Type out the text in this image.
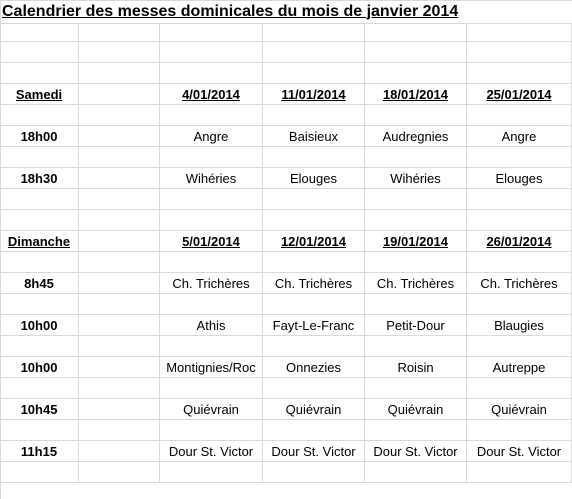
Calendrier des messes dominicales du mois de janvier 2014
Samedi	4/01/2014	11/01/2014	18/01/2014	25/01/2014
18h00	Angre	Baisieux	Audregnies	Angre
18h30	Wihéries	Elouges	Wihéries	Elouges
Dimanche	5/01/2014	12/01/2014	19/01/2014	26/01/2014
8h45	Ch. Trichères	Ch. Trichères	Ch. Trichères	Ch. Trichères
10h00	Athis	Fayt-Le-Franc	Petit-Dour	Blaugies
10h00	Montignies/Roc	Onnezies	Roisin	Autreppe
10h45	Quiévrain	Quiévrain	Quiévrain	Quiévrain
11h15	Dour St. Victor	Dour St. Victor	Dour St. Victor	Dour St. Victor
